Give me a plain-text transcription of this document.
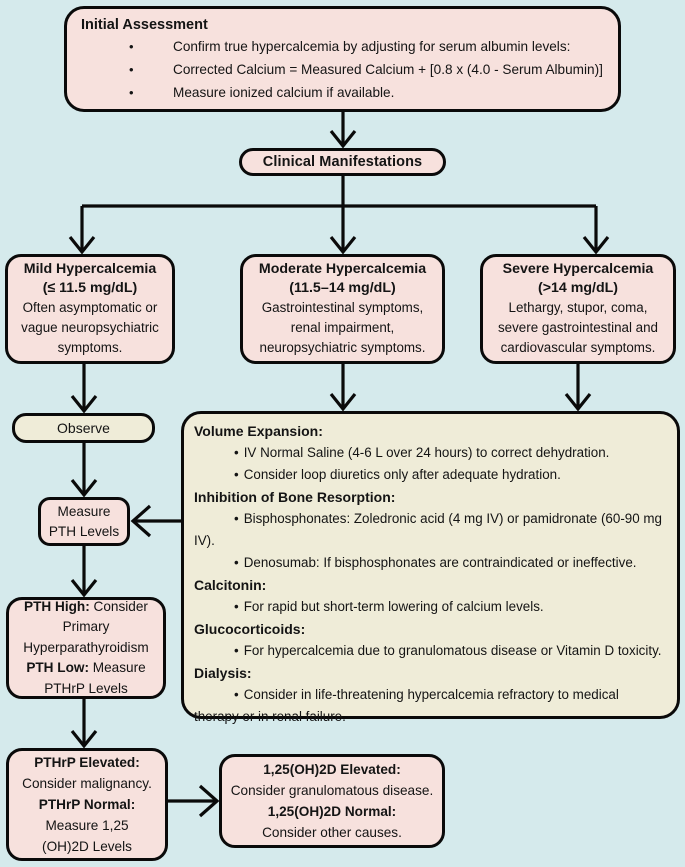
Initial Assessment
• Confirm true hypercalcemia by adjusting for serum albumin levels:
• Corrected Calcium = Measured Calcium + [0.8 x (4.0 - Serum Albumin)]
• Measure ionized calcium if available.
Clinical Manifestations
Mild Hypercalcemia
(≤ 11.5 mg/dL)
Often asymptomatic or
vague neuropsychiatric
symptoms.
Moderate Hypercalcemia
(11.5–14 mg/dL)
Gastrointestinal symptoms,
renal impairment,
neuropsychiatric symptoms.
Severe Hypercalcemia
(>14 mg/dL)
Lethargy, stupor, coma,
severe gastrointestinal and
cardiovascular symptoms.
Observe
Measure
PTH Levels
PTH High: Consider
Primary
Hyperparathyroidism
PTH Low: Measure
PTHrP Levels
PTHrP Elevated:
Consider malignancy.
PTHrP Normal:
Measure 1,25
(OH)2D Levels
1,25(OH)2D Elevated:
Consider granulomatous disease.
1,25(OH)2D Normal:
Consider other causes.
Volume Expansion:
• IV Normal Saline (4-6 L over 24 hours) to correct dehydration.
• Consider loop diuretics only after adequate hydration.
Inhibition of Bone Resorption:
• Bisphosphonates: Zoledronic acid (4 mg IV) or pamidronate (60-90 mg IV).
• Denosumab: If bisphosphonates are contraindicated or ineffective.
Calcitonin:
• For rapid but short-term lowering of calcium levels.
Glucocorticoids:
• For hypercalcemia due to granulomatous disease or Vitamin D toxicity.
Dialysis:
• Consider in life-threatening hypercalcemia refractory to medical therapy or in renal failure.
